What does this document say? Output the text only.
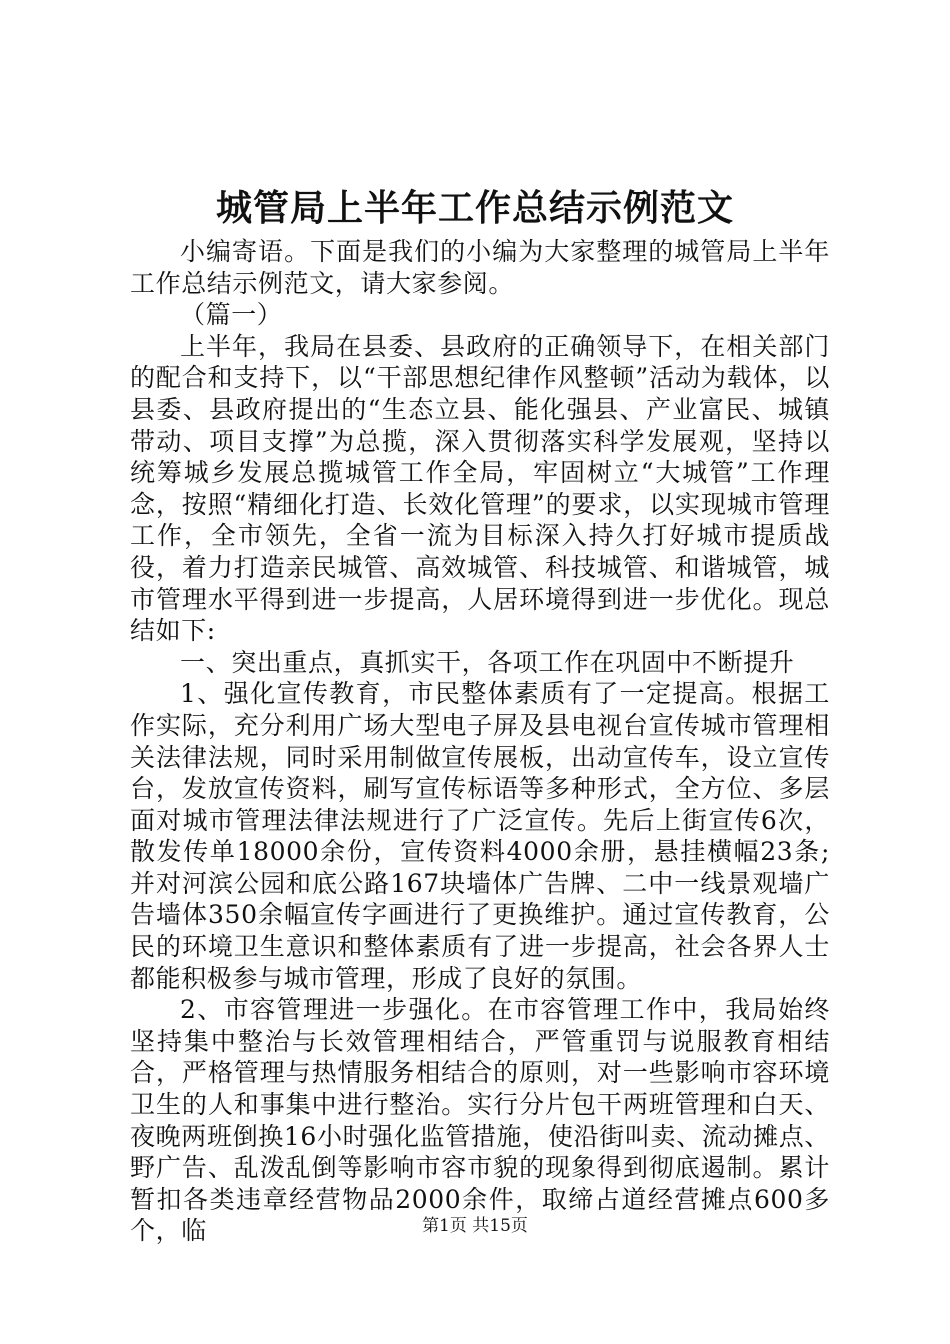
城管局上半年工作总结示例范文

小编寄语。下面是我们的小编为大家整理的城管局上半年工作总结示例范文，请大家参阅。

（篇一）

上半年，我局在县委、县政府的正确领导下，在相关部门的配合和支持下，以“干部思想纪律作风整顿”活动为载体，以县委、县政府提出的“生态立县、能化强县、产业富民、城镇带动、项目支撑”为总揽，深入贯彻落实科学发展观，坚持以统筹城乡发展总揽城管工作全局，牢固树立“大城管”工作理念，按照“精细化打造、长效化管理”的要求，以实现城市管理工作，全市领先，全省一流为目标深入持久打好城市提质战役，着力打造亲民城管、高效城管、科技城管、和谐城管，城市管理水平得到进一步提高，人居环境得到进一步优化。现总结如下:

一、突出重点，真抓实干，各项工作在巩固中不断提升

1、强化宣传教育，市民整体素质有了一定提高。根据工作实际，充分利用广场大型电子屏及县电视台宣传城市管理相关法律法规，同时采用制做宣传展板，出动宣传车，设立宣传台，发放宣传资料，刷写宣传标语等多种形式，全方位、多层面对城市管理法律法规进行了广泛宣传。先后上街宣传6次，散发传单18000余份，宣传资料4000余册，悬挂横幅23条;并对河滨公园和底公路167块墙体广告牌、二中一线景观墙广告墙体350余幅宣传字画进行了更换维护。通过宣传教育，公民的环境卫生意识和整体素质有了进一步提高，社会各界人士都能积极参与城市管理，形成了良好的氛围。

2、市容管理进一步强化。在市容管理工作中，我局始终坚持集中整治与长效管理相结合，严管重罚与说服教育相结合，严格管理与热情服务相结合的原则，对一些影响市容环境卫生的人和事集中进行整治。实行分片包干两班管理和白天、夜晚两班倒换16小时强化监管措施，使沿街叫卖、流动摊点、野广告、乱泼乱倒等影响市容市貌的现象得到彻底遏制。累计暂扣各类违章经营物品2000余件，取缔占道经营摊点600多个，临	第1页 共15页
